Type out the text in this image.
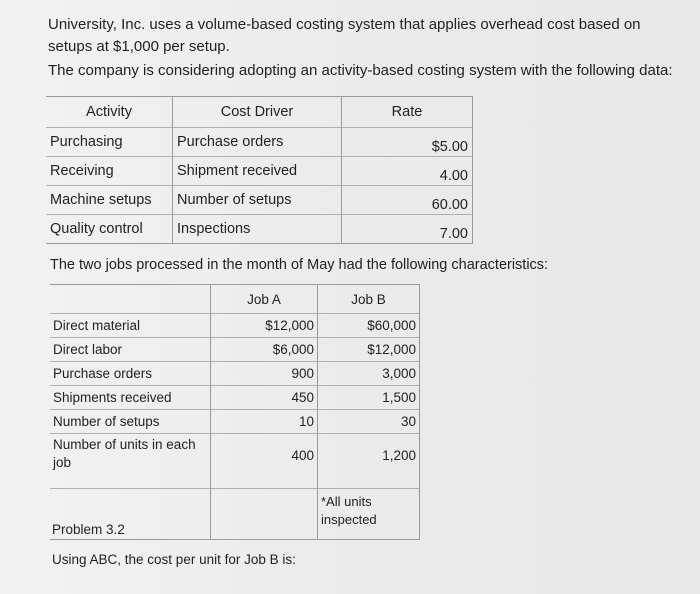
University, Inc. uses a volume-based costing system that applies overhead cost based on setups at $1,000 per setup.
The company is considering adopting an activity-based costing system with the following data:
Activity	Cost Driver	Rate
Purchasing	Purchase orders	$5.00
Receiving	Shipment received	4.00
Machine setups	Number of setups	60.00
Quality control	Inspections	7.00
The two jobs processed in the month of May had the following characteristics:
	Job A	Job B
Direct material	$12,000	$60,000
Direct labor	$6,000	$12,000
Purchase orders	900	3,000
Shipments received	450	1,500
Number of setups	10	30
Number of units in each job	400	1,200
		*All units inspected
Problem 3.2
Using ABC, the cost per unit for Job B is:
